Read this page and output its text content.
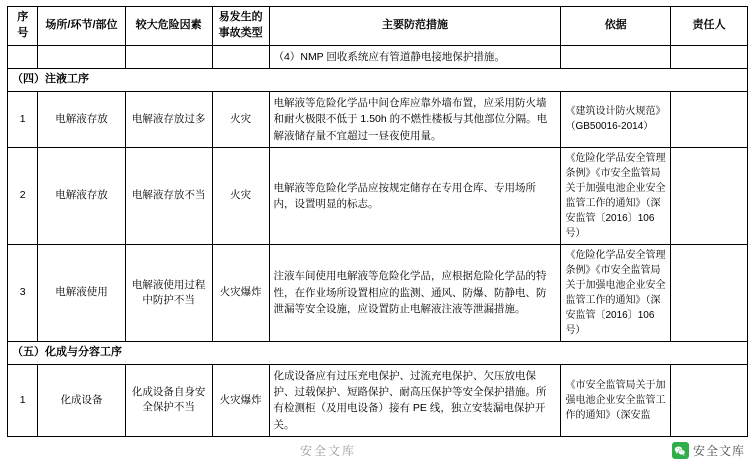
序号	场所/环节/部位	较大危险因素	易发生的事故类型	主要防范措施	依据	责任人
				（4）NMP 回收系统应有管道静电接地保护措施。		
（四）注液工序						
1	电解液存放	电解液存放过多	火灾	电解液等危险化学品中间仓库应靠外墙布置，应采用防火墙和耐火极限不低于 1.50h 的不燃性楼板与其他部位分隔。电解液储存量不宜超过一昼夜使用量。	《建筑设计防火规范》（GB50016-2014）	
2	电解液存放	电解液存放不当	火灾	电解液等危险化学品应按规定储存在专用仓库、专用场所内，设置明显的标志。	《危险化学品安全管理条例》《市安全监管局关于加强电池企业安全监管工作的通知》（深安监管〔2016〕106 号）	
3	电解液使用	电解液使用过程中防护不当	火灾爆炸	注液车间使用电解液等危险化学品，应根据危险化学品的特性，在作业场所设置相应的监测、通风、防爆、防静电、防泄漏等安全设施，应设置防止电解液注液等泄漏措施。	《危险化学品安全管理条例》《市安全监管局关于加强电池企业安全监管工作的通知》（深安监管〔2016〕106 号）	
（五）化成与分容工序						
1	化成设备	化成设备自身安全保护不当	火灾爆炸	化成设备应有过压充电保护、过流充电保护、欠压放电保护、过载保护、短路保护、耐高压保护等安全保护措施。所有检测柜（及用电设备）接有 PE 线，独立安装漏电保护开关。	《市安全监管局关于加强电池企业安全监管工作的通知》（深安监	
安全文库	安全文库
